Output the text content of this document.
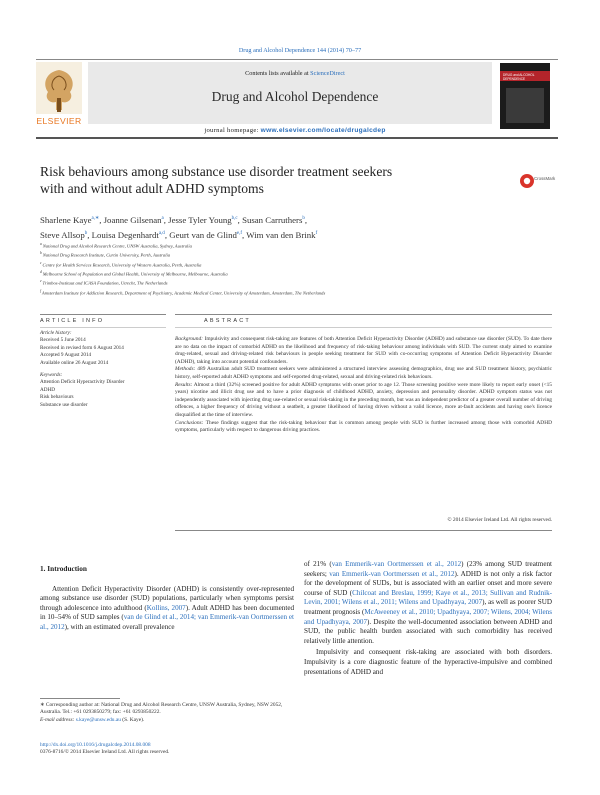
Drug and Alcohol Dependence 144 (2014) 70–77
ELSEVIER
Contents lists available at ScienceDirect
Drug and Alcohol Dependence
DRUG and ALCOHOL DEPENDENCE
journal homepage: www.elsevier.com/locate/drugalcdep
Risk behaviours among substance use disorder treatment seekers
with and without adult ADHD symptoms
CrossMark
Sharlene Kaye$^{a,∗}$, Joanne Gilsenan$^a$, Jesse Tyler Young$^{b,c}$, Susan Carruthers$^b$,
Steve Allsop$^b$, Louisa Degenhardt$^{a,d}$, Geurt van de Glind$^{e,f}$, Wim van den Brink$^f$
$^a$ National Drug and Alcohol Research Centre, UNSW Australia, Sydney, Australia
$^b$ National Drug Research Institute, Curtin University, Perth, Australia
$^c$ Centre for Health Services Research, University of Western Australia, Perth, Australia
$^d$ Melbourne School of Population and Global Health, University of Melbourne, Melbourne, Australia
$^e$ Trimbos-Instituut and ICASA Foundation, Utrecht, The Netherlands
$^f$ Amsterdam Institute for Addiction Research, Department of Psychiatry, Academic Medical Center, University of Amsterdam, Amsterdam, The Netherlands
ARTICLE INFO
Article history:
Received 5 June 2014
Received in revised form 6 August 2014
Accepted 9 August 2014
Available online 26 August 2014
Keywords:
Attention Deficit Hyperactivity Disorder
ADHD
Risk behaviours
Substance use disorder
ABSTRACT
Background: Impulsivity and consequent risk-taking are features of both Attention Deficit Hyperactivity Disorder (ADHD) and substance use disorder (SUD). To date there are no data on the impact of comorbid ADHD on the likelihood and frequency of risk-taking behaviour among individuals with SUD. The current study aimed to examine drug-related, sexual and driving-related risk behaviours in people seeking treatment for SUD with co-occurring symptoms of Attention Deficit Hyperactivity Disorder (ADHD), taking into account potential confounders.
Methods: 489 Australian adult SUD treatment seekers were administered a structured interview assessing demographics, drug use and SUD treatment history, psychiatric history, self-reported adult ADHD symptoms and self-reported drug-related, sexual and driving-related risk behaviours.
Results: Almost a third (32%) screened positive for adult ADHD symptoms with onset prior to age 12. Those screening positive were more likely to report early onset (<15 years) nicotine and illicit drug use and to have a prior diagnosis of childhood ADHD, anxiety, depression and personality disorder. ADHD symptom status was not independently associated with injecting drug use-related or sexual risk-taking in the preceding month, but was an independent predictor of a greater overall number of driving offences, a higher frequency of driving without a seatbelt, a greater likelihood of having driven without a valid licence, more at-fault accidents and having one's licence disqualified at the time of interview.
Conclusions: These findings suggest that the risk-taking behaviour that is common among people with SUD is further increased among those with comorbid ADHD symptoms, particularly with respect to dangerous driving practices.
© 2014 Elsevier Ireland Ltd. All rights reserved.
1. Introduction

Attention Deficit Hyperactivity Disorder (ADHD) is consistently over-represented among substance use disorder (SUD) populations, particularly when symptoms persist through adolescence into adulthood (Kollins, 2007). Adult ADHD has been documented in 10–54% of SUD samples (van de Glind et al., 2014; van Emmerik-van Oortmerssen et al., 2012), with an estimated overall prevalence

of 21% (van Emmerik-van Oortmerssen et al., 2012) (23% among SUD treatment seekers; van Emmerik-van Oortmerssen et al., 2012). ADHD is not only a risk factor for the development of SUDs, but is associated with an earlier onset and more severe course of SUD (Chilcoat and Breslau, 1999; Kaye et al., 2013; Sullivan and Rudnik-Levin, 2001; Wilens et al., 2011; Wilens and Upadhyaya, 2007), as well as poorer SUD treatment prognosis (McAweeney et al., 2010; Upadhyaya, 2007; Wilens, 2004; Wilens and Upadhyaya, 2007). Despite the well-documented association between ADHD and SUD, the public health burden associated with such comorbidity has received relatively little attention.

Impulsivity and consequent risk-taking are associated with both disorders. Impulsivity is a core diagnostic feature of the hyperactive-impulsive and combined presentations of ADHD and

∗ Corresponding author at: National Drug and Alcohol Research Centre, UNSW Australia, Sydney, NSW 2052, Australia. Tel.: +61 0293850279; fax: +61 0293850222.
E-mail address: s.kaye@unsw.edu.au (S. Kaye).
http://dx.doi.org/10.1016/j.drugalcdep.2014.08.008
0376-8716/© 2014 Elsevier Ireland Ltd. All rights reserved.
